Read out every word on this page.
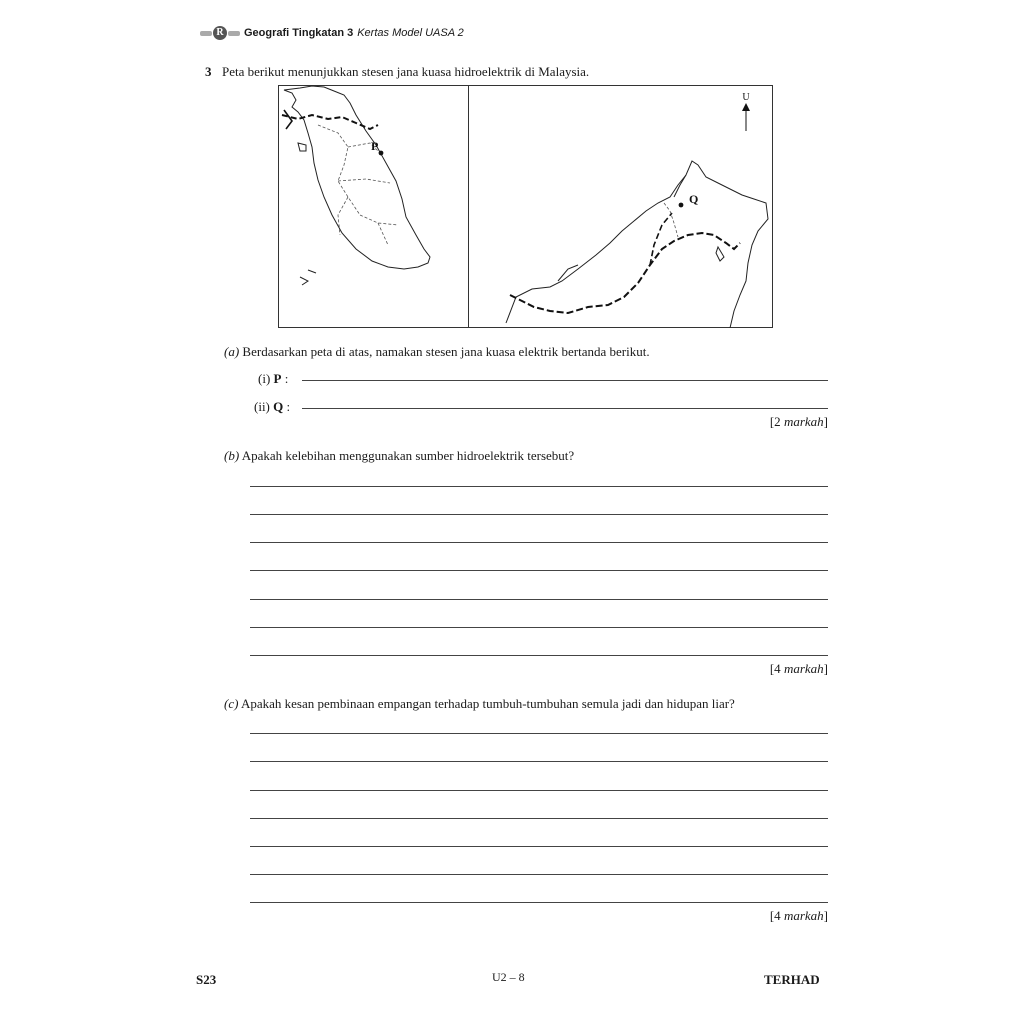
R	Geografi Tingkatan 3 Kertas Model UASA 2
3 Peta berikut menunjukkan stesen jana kuasa hidroelektrik di Malaysia.
P
Q
U
(a) Berdasarkan peta di atas, namakan stesen jana kuasa elektrik bertanda berikut.
(i) P :
(ii) Q :
[2 markah]
(b) Apakah kelebihan menggunakan sumber hidroelektrik tersebut?
[4 markah]
(c) Apakah kesan pembinaan empangan terhadap tumbuh-tumbuhan semula jadi dan hidupan liar?
[4 markah]
S23	U2 – 8	TERHAD
